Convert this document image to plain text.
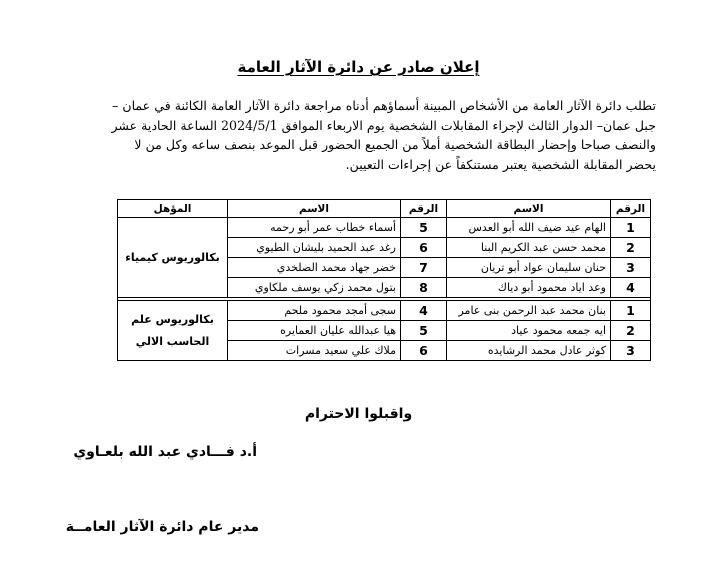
إعلان صادر عن دائرة الآثار العامة
تطلب دائرة الآثار العامة من الأشخاص المبينة أسماؤهم أدناه مراجعة دائرة الآثار العامة الكائنة في عمان –
جبل عمان– الدوار الثالث لإجراء المقابلات الشخصية يوم الاربعاء الموافق 2024/5/1 الساعة الحادية عشر
والنصف صباحا وإحضار البطاقة الشخصية أملاً من الجميع الحضور قبل الموعد بنصف ساعه وكل من لا
يحضر المقابلة الشخصية يعتبر مستنكفاً عن إجراءات التعيين.
الرقم	الاسم	الرقم	الاسم	المؤهل
1	الهام عيد ضيف الله أبو العدس	5	أسماء خطاب عمر أبو رحمه	بكالوريوس كيمياء
2	محمد حسن عبد الكريم البنا	6	رغد عبد الحميد بليشان الطيوي	
3	حنان سليمان عواد أبو تريان	7	خضر جهاد محمد الصلخدي	
4	وعد اياد محمود أبو دياك	8	بتول محمد زكي يوسف ملكاوي	

1	بنان محمد عبد الرحمن بنى عامر	4	سجى أمجد محمود ملحم	بكالوريوس علم
الحاسب الالي

2	ايه جمعه محمود عياد	5	هيا عبدالله عليان العمايره	
3	كوثر عادل محمد الرشايده	6	ملاك علي سعيد مسرات	
واقبلوا الاحترام
أ.د فـــادي عبد الله بلعـاوي
مدير عام دائرة الآثار العامــة
